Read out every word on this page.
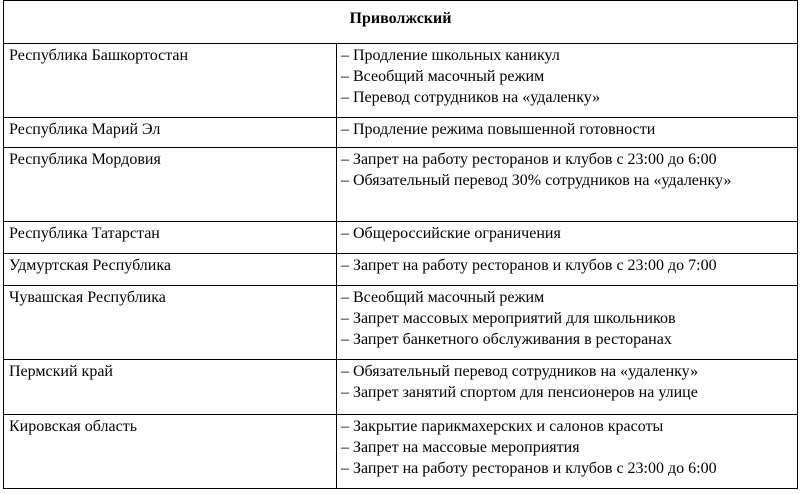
Приволжский	
Республика Башкортостан	– Продление школьных каникул
– Всеобщий масочный режим
– Перевод сотрудников на «удаленку»

Республика Марий Эл	– Продление режима повышенной готовности

Республика Мордовия	– Запрет на работу ресторанов и клубов с 23:00 до 6:00
– Обязательный перевод 30% сотрудников на «удаленку»

Республика Татарстан	– Общероссийские ограничения

Удмуртская Республика	– Запрет на работу ресторанов и клубов с 23:00 до 7:00

Чувашская Республика	– Всеобщий масочный режим
– Запрет массовых мероприятий для школьников
– Запрет банкетного обслуживания в ресторанах

Пермский край	– Обязательный перевод сотрудников на «удаленку»
– Запрет занятий спортом для пенсионеров на улице

Кировская область	– Закрытие парикмахерских и салонов красоты
– Запрет на массовые мероприятия
– Запрет на работу ресторанов и клубов с 23:00 до 6:00
